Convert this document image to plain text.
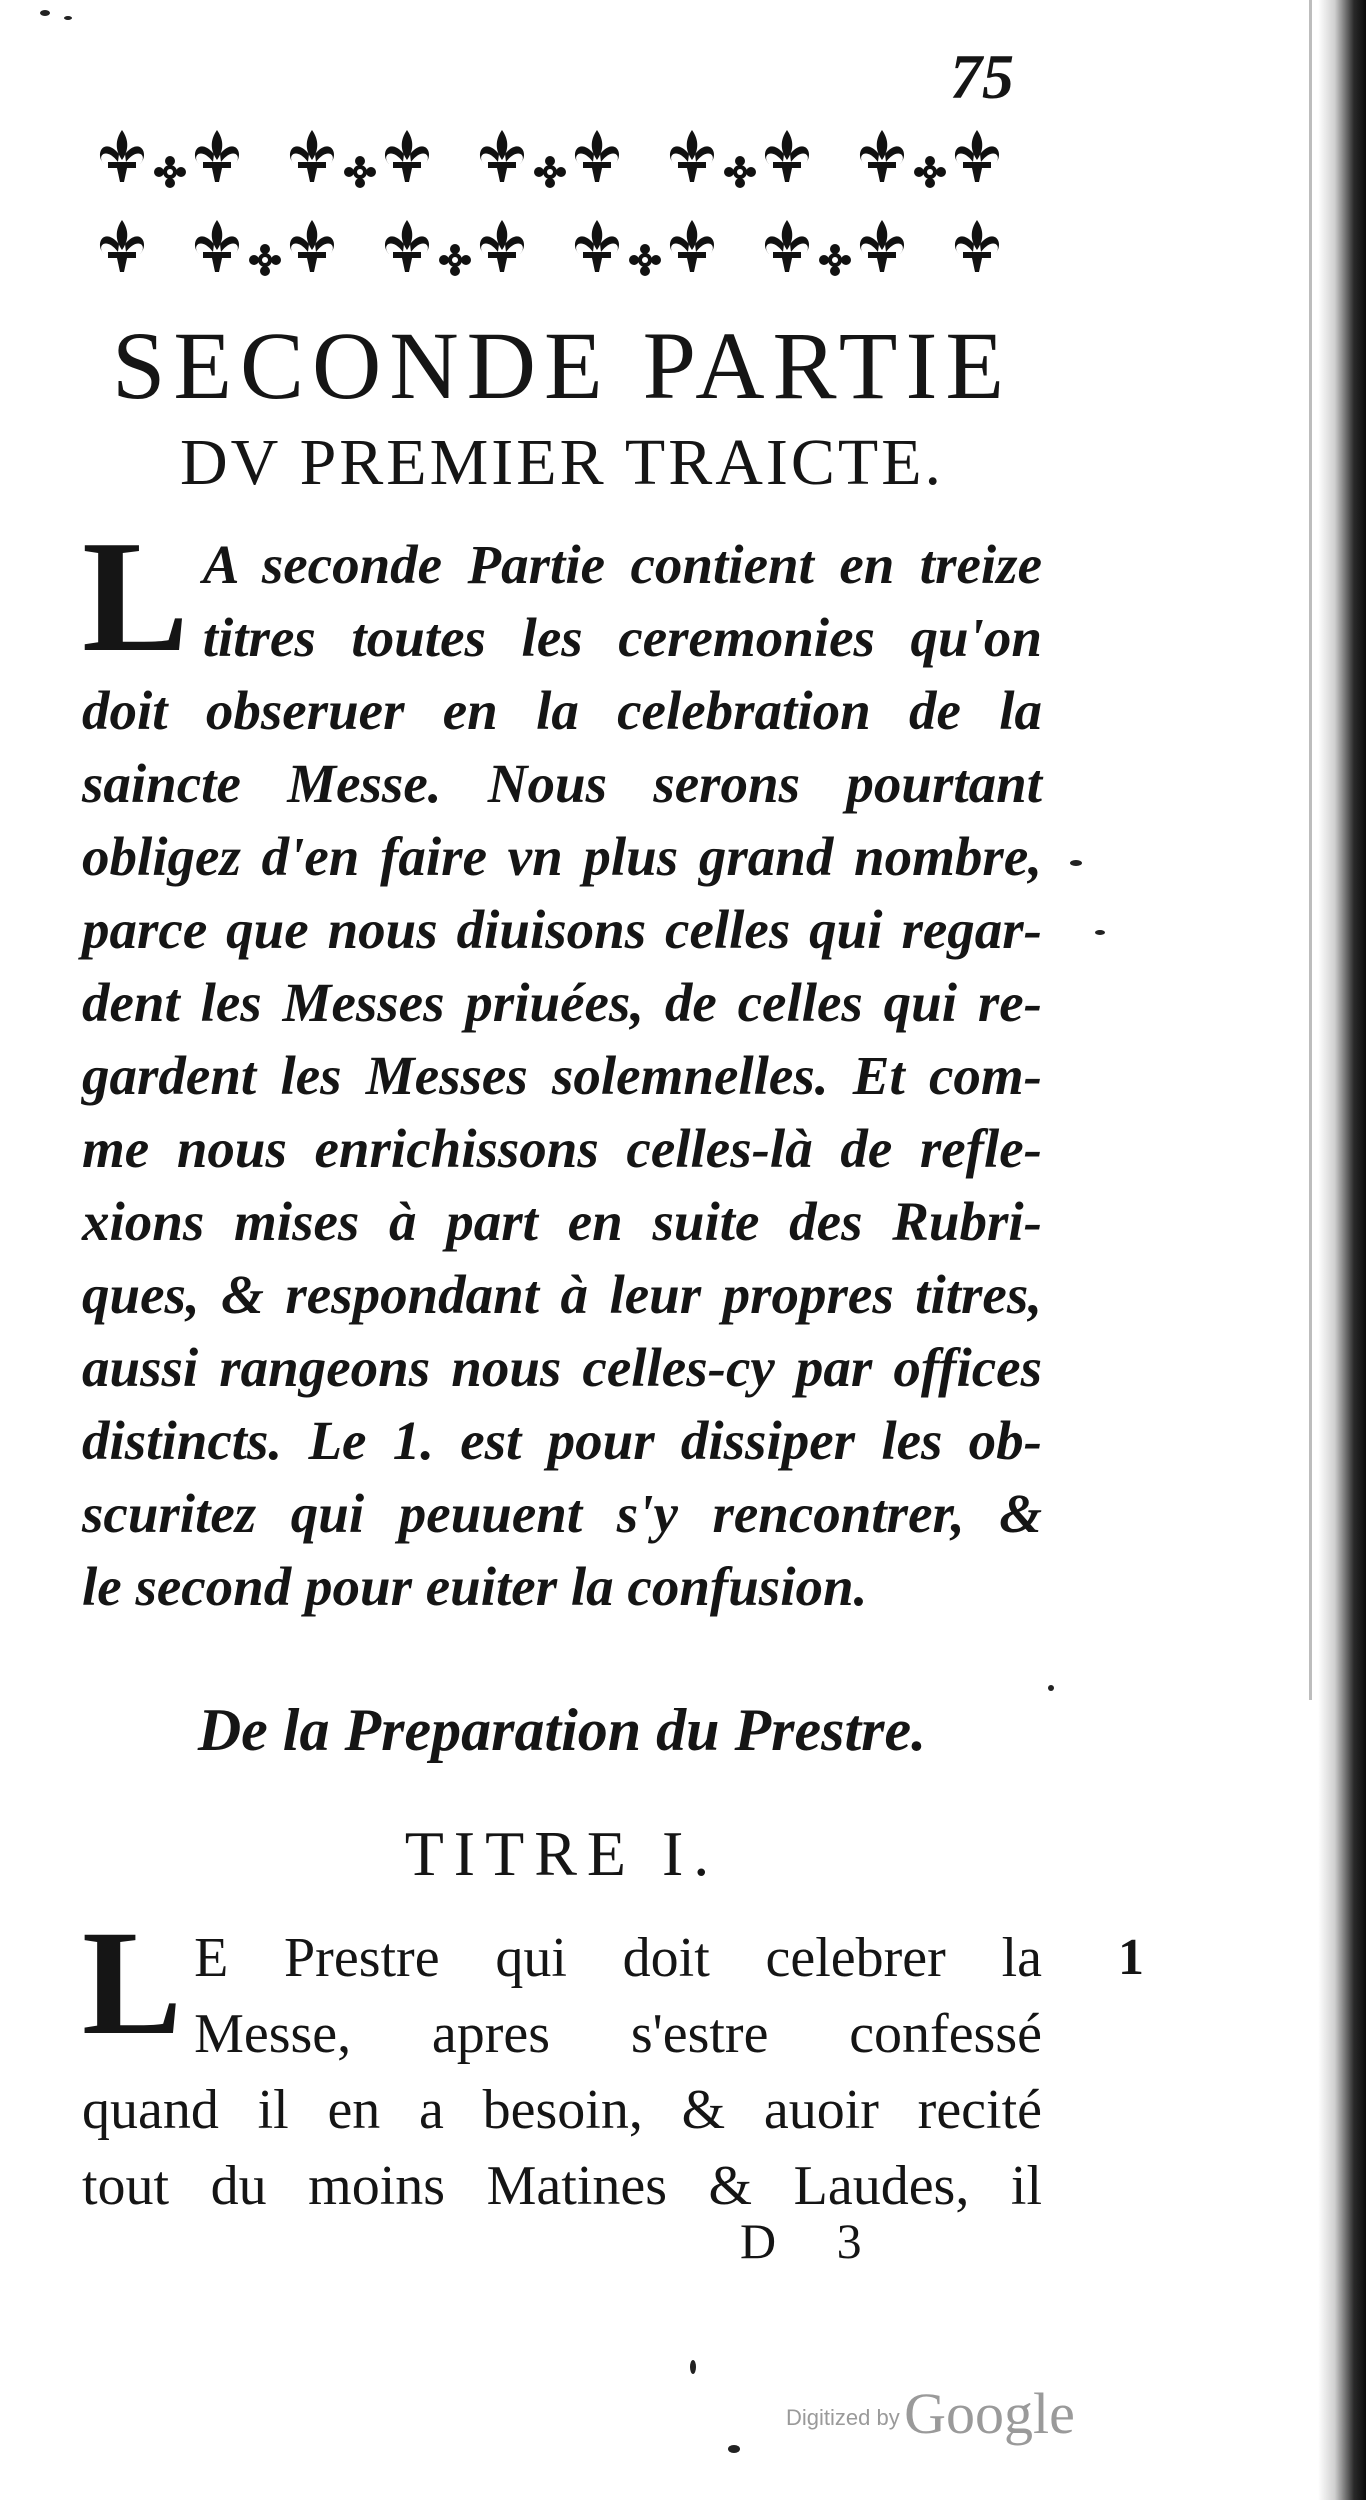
75
SECONDE PARTIE
DV PREMIER TRAICTE.
L A seconde Partie contient en treize
titres toutes les ceremonies qu'on
doit obseruer en la celebration de la
saincte Messe. Nous serons pourtant
obligez d'en faire vn plus grand nombre,
parce que nous diuisons celles qui regar-
dent les Messes priuées, de celles qui re-
gardent les Messes solemnelles. Et com-
me nous enrichissons celles-là de refle-
xions mises à part en suite des Rubri-
ques, & respondant à leur propres titres,
aussi rangeons nous celles-cy par offices
distincts. Le 1. est pour dissiper les ob-
scuritez qui peuuent s'y rencontrer, &
le second pour euiter la confusion.
De la Preparation du Prestre.
TITRE I.
1
L E Prestre qui doit celebrer la
Messe, apres s'estre confessé
quand il en a besoin, & auoir recité
tout du moins Matines & Laudes, il
D 3
Digitized by Google
